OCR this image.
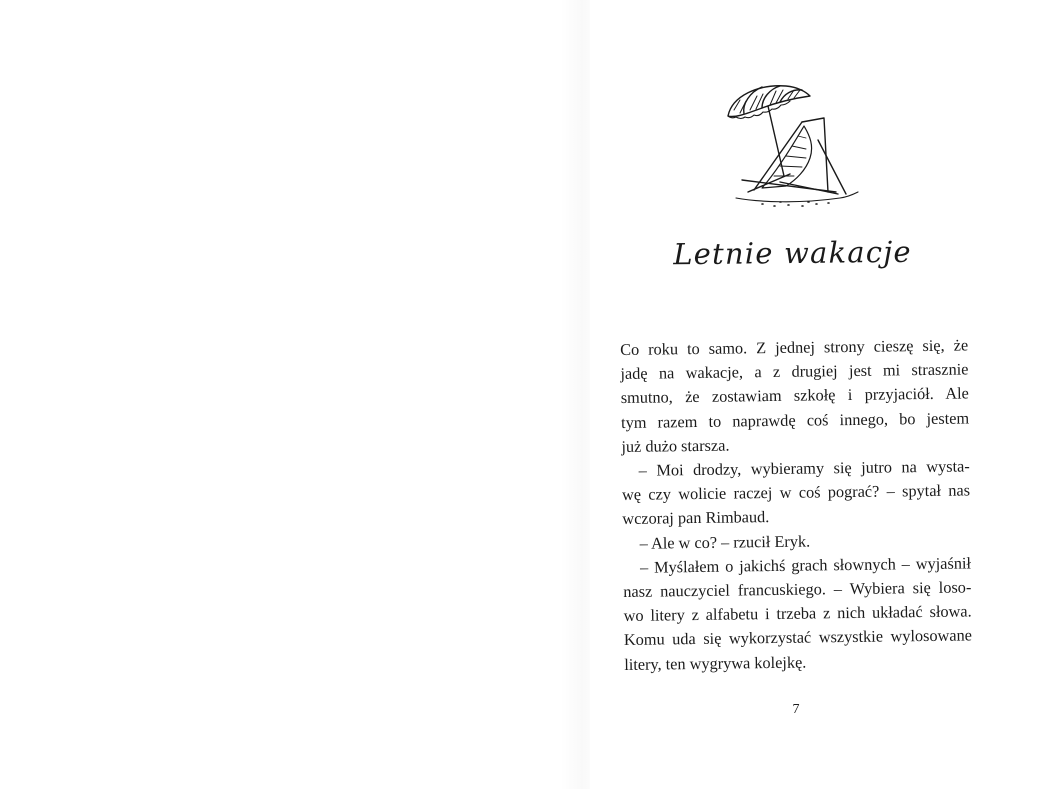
Letnie wakacje
Co roku to samo. Z jednej strony cieszę się, że
jadę na wakacje, a z drugiej jest mi strasznie
smutno, że zostawiam szkołę i przyjaciół. Ale
tym razem to naprawdę coś innego, bo jestem
już dużo starsza.
– Moi drodzy, wybieramy się jutro na wysta-
wę czy wolicie raczej w coś pograć? – spytał nas
wczoraj pan Rimbaud.
– Ale w co? – rzucił Eryk.
– Myślałem o jakichś grach słownych – wyjaśnił
nasz nauczyciel francuskiego. – Wybiera się loso-
wo litery z alfabetu i trzeba z nich układać słowa.
Komu uda się wykorzystać wszystkie wylosowane
litery, ten wygrywa kolejkę.
7
